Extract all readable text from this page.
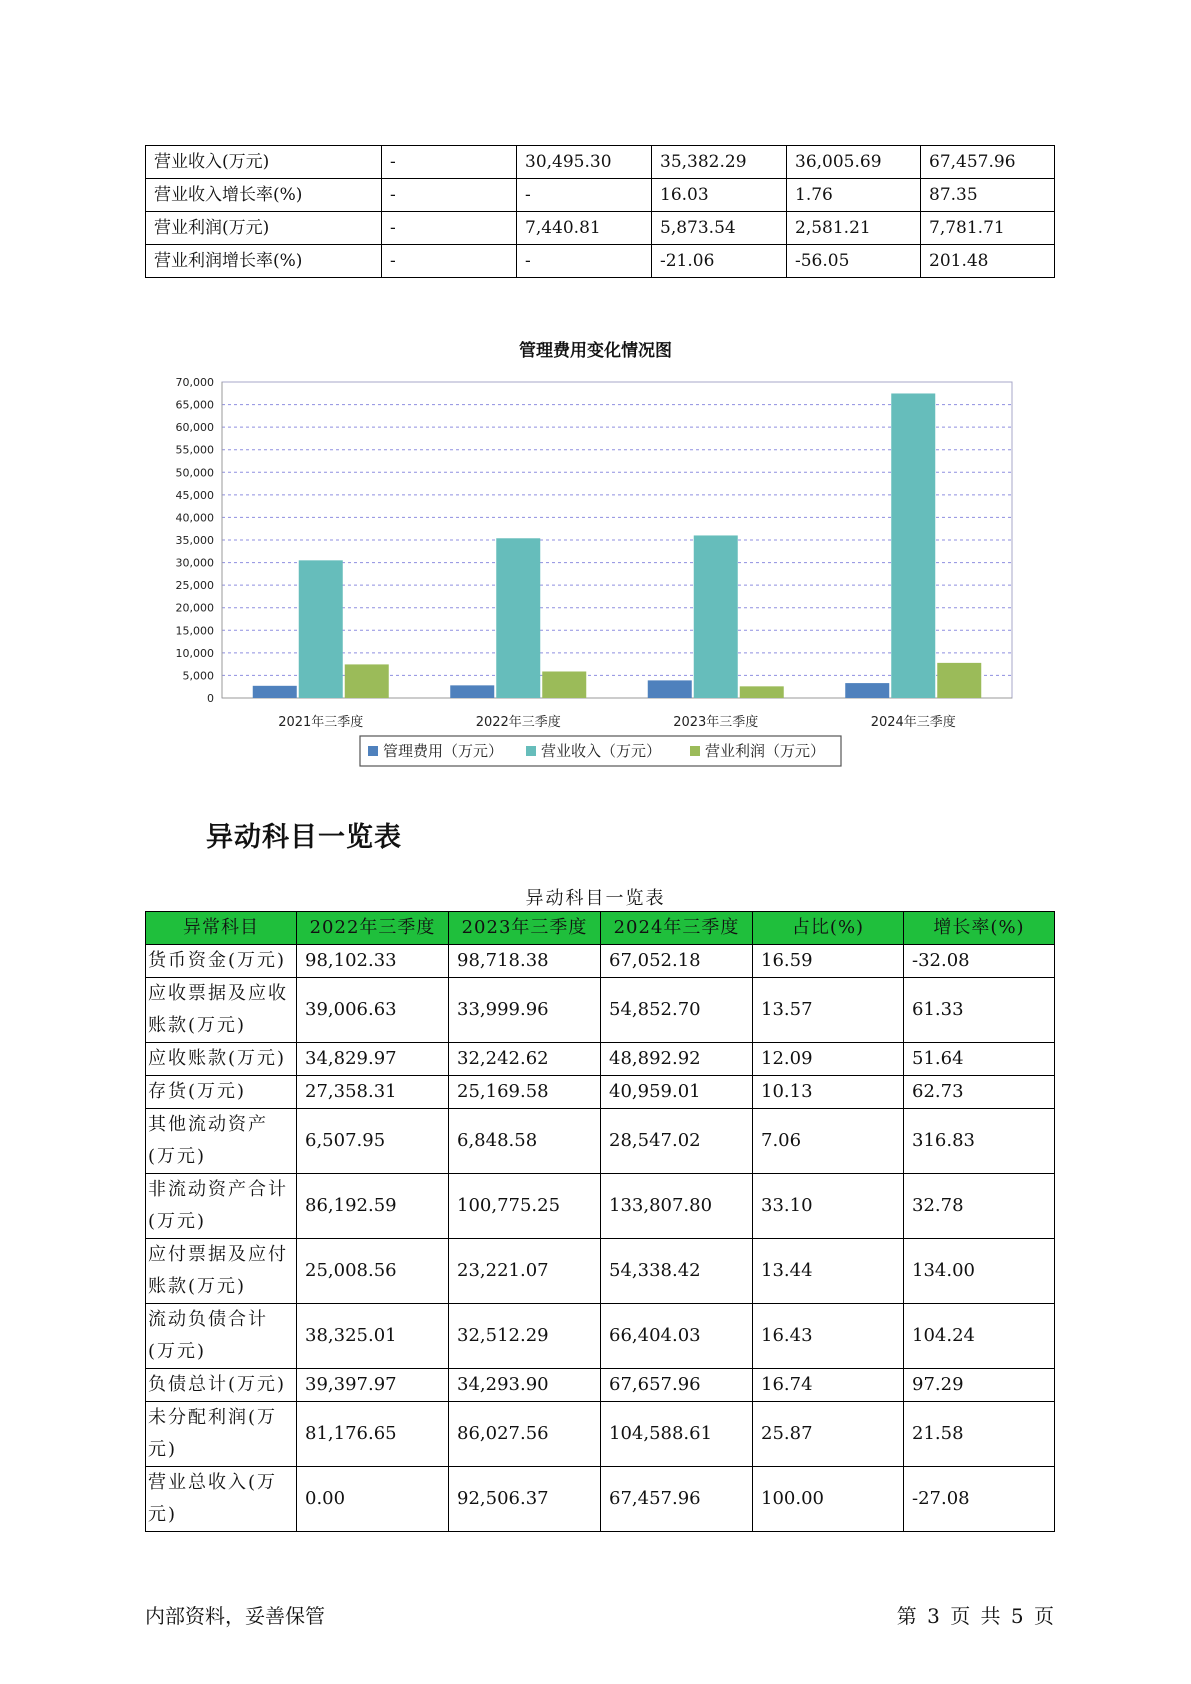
营业收入(万元)	-	30,495.30	35,382.29	36,005.69	67,457.96
营业收入增长率(%)	-	-	16.03	1.76	87.35
营业利润(万元)	-	7,440.81	5,873.54	2,581.21	7,781.71
营业利润增长率(%)	-	-	-21.06	-56.05	201.48
管理费用变化情况图
0
5,000
10,000
15,000
20,000
25,000
30,000
35,000
40,000
45,000
50,000
55,000
60,000
65,000
70,000
2021年三季度	2022年三季度	2023年三季度	2024年三季度
管理费用（万元）	营业收入（万元）	营业利润（万元）
异动科目一览表
异动科目一览表
异常科目	2022年三季度	2023年三季度	2024年三季度	占比(%)	增长率(%)
货币资金(万元)	98,102.33	98,718.38	67,052.18	16.59	-32.08
应收票据及应收账款(万元)	39,006.63	33,999.96	54,852.70	13.57	61.33
应收账款(万元)	34,829.97	32,242.62	48,892.92	12.09	51.64
存货(万元)	27,358.31	25,169.58	40,959.01	10.13	62.73
其他流动资产(万元)	6,507.95	6,848.58	28,547.02	7.06	316.83
非流动资产合计(万元)	86,192.59	100,775.25	133,807.80	33.10	32.78
应付票据及应付账款(万元)	25,008.56	23,221.07	54,338.42	13.44	134.00
流动负债合计(万元)	38,325.01	32,512.29	66,404.03	16.43	104.24
负债总计(万元)	39,397.97	34,293.90	67,657.96	16.74	97.29
未分配利润(万元)	81,176.65	86,027.56	104,588.61	25.87	21.58
营业总收入(万元)	0.00	92,506.37	67,457.96	100.00	-27.08
内部资料，妥善保管	第 3 页 共 5 页
